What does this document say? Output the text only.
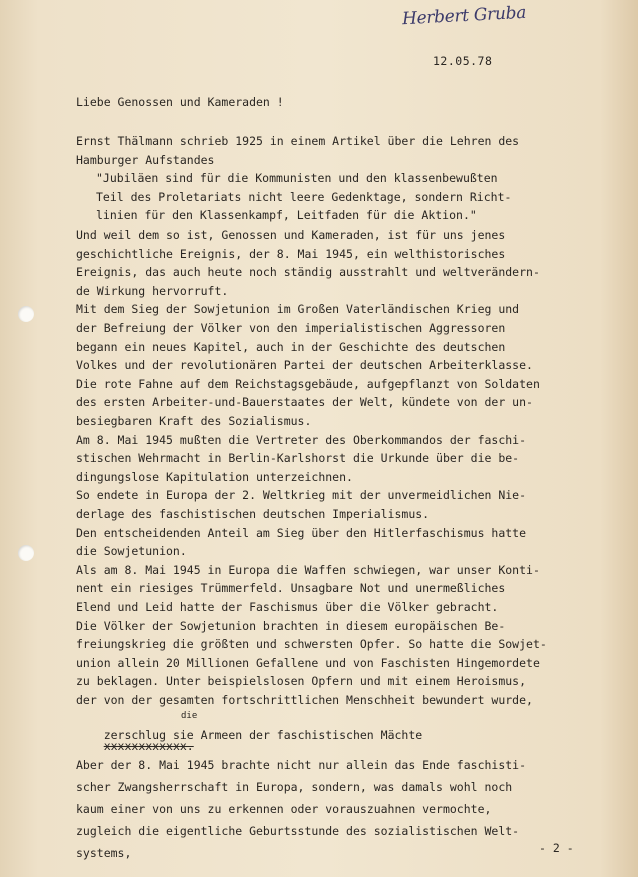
Herbert Gruba
12.05.78
Liebe Genossen und Kameraden !
Ernst Thälmann schrieb 1925 in einem Artikel über die Lehren des
Hamburger Aufstandes
"Jubiläen sind für die Kommunisten und den klassenbewußten
Teil des Proletariats nicht leere Gedenktage, sondern Richt-
linien für den Klassenkampf, Leitfaden für die Aktion."
Und weil dem so ist, Genossen und Kameraden, ist für uns jenes
geschichtliche Ereignis, der 8. Mai 1945, ein welthistorisches
Ereignis, das auch heute noch ständig ausstrahlt und weltverändern-
de Wirkung hervorruft.
Mit dem Sieg der Sowjetunion im Großen Vaterländischen Krieg und
der Befreiung der Völker von den imperialistischen Aggressoren
begann ein neues Kapitel, auch in der Geschichte des deutschen
Volkes und der revolutionären Partei der deutschen Arbeiterklasse.
Die rote Fahne auf dem Reichstagsgebäude, aufgepflanzt von Soldaten
des ersten Arbeiter-und-Bauerstaates der Welt, kündete von der un-
besiegbaren Kraft des Sozialismus.
Am 8. Mai 1945 mußten die Vertreter des Oberkommandos der faschi-
stischen Wehrmacht in Berlin-Karlshorst die Urkunde über die be-
dingungslose Kapitulation unterzeichnen.
So endete in Europa der 2. Weltkrieg mit der unvermeidlichen Nie-
derlage des faschistischen deutschen Imperialismus.
Den entscheidenden Anteil am Sieg über den Hitlerfaschismus hatte
die Sowjetunion.
Als am 8. Mai 1945 in Europa die Waffen schwiegen, war unser Konti-
nent ein riesiges Trümmerfeld. Unsagbare Not und unermeßliches
Elend und Leid hatte der Faschismus über die Völker gebracht.
Die Völker der Sowjetunion brachten in diesem europäischen Be-
freiungskrieg die größten und schwersten Opfer. So hatte die Sowjet-
union allein 20 Millionen Gefallene und von Faschisten Hingemordete
zu beklagen. Unter beispielslosen Opfern und mit einem Heroismus,
der von der gesamten fortschrittlichen Menschheit bewundert wurde,

zerschlug sie Armeen der faschistischen Mächte
xxxxxxxxxxxx.

die
Aber der 8. Mai 1945 brachte nicht nur allein das Ende faschisti-
scher Zwangsherrschaft in Europa, sondern, was damals wohl noch
kaum einer von uns zu erkennen oder vorauszuahnen vermochte,
zugleich die eigentliche Geburtsstunde des sozialistischen Welt-
systems,	- 2 -
